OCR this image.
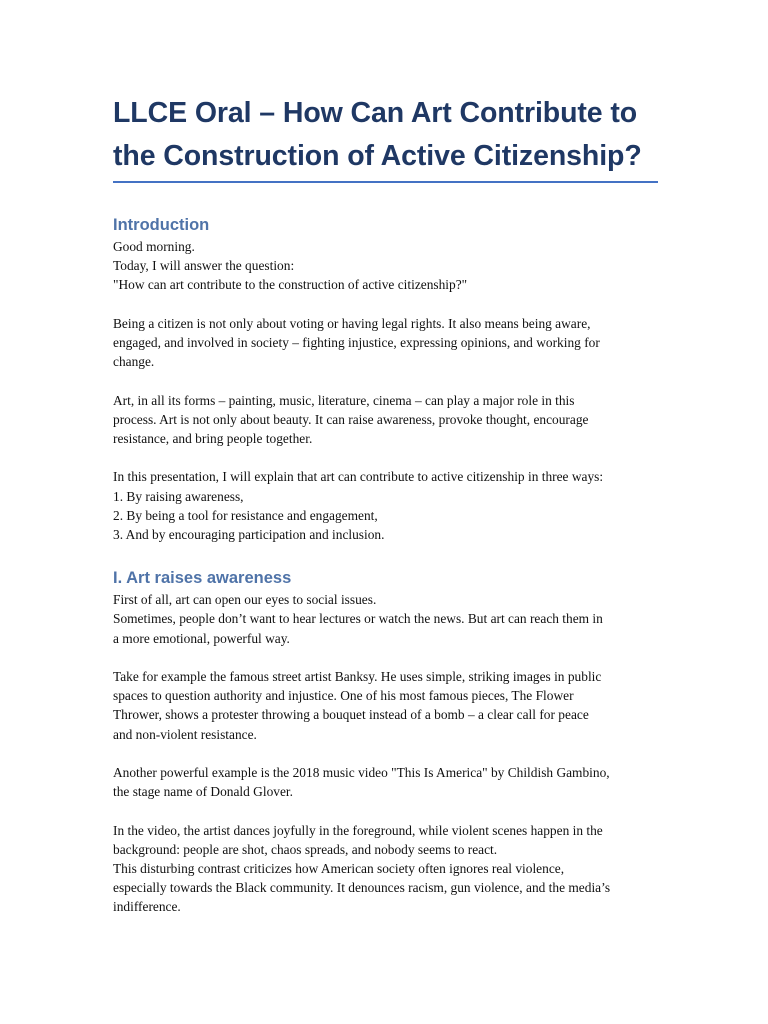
LLCE Oral – How Can Art Contribute to
the Construction of Active Citizenship?
Introduction

Good morning.
Today, I will answer the question:
"How can art contribute to the construction of active citizenship?"

Being a citizen is not only about voting or having legal rights. It also means being aware,
engaged, and involved in society – fighting injustice, expressing opinions, and working for
change.

Art, in all its forms – painting, music, literature, cinema – can play a major role in this
process. Art is not only about beauty. It can raise awareness, provoke thought, encourage
resistance, and bring people together.

In this presentation, I will explain that art can contribute to active citizenship in three ways:
1. By raising awareness,
2. By being a tool for resistance and engagement,
3. And by encouraging participation and inclusion.

I. Art raises awareness

First of all, art can open our eyes to social issues.
Sometimes, people don’t want to hear lectures or watch the news. But art can reach them in
a more emotional, powerful way.

Take for example the famous street artist Banksy. He uses simple, striking images in public
spaces to question authority and injustice. One of his most famous pieces, The Flower
Thrower, shows a protester throwing a bouquet instead of a bomb – a clear call for peace
and non-violent resistance.

Another powerful example is the 2018 music video "This Is America" by Childish Gambino,
the stage name of Donald Glover.

In the video, the artist dances joyfully in the foreground, while violent scenes happen in the
background: people are shot, chaos spreads, and nobody seems to react.
This disturbing contrast criticizes how American society often ignores real violence,
especially towards the Black community. It denounces racism, gun violence, and the media’s
indifference.
